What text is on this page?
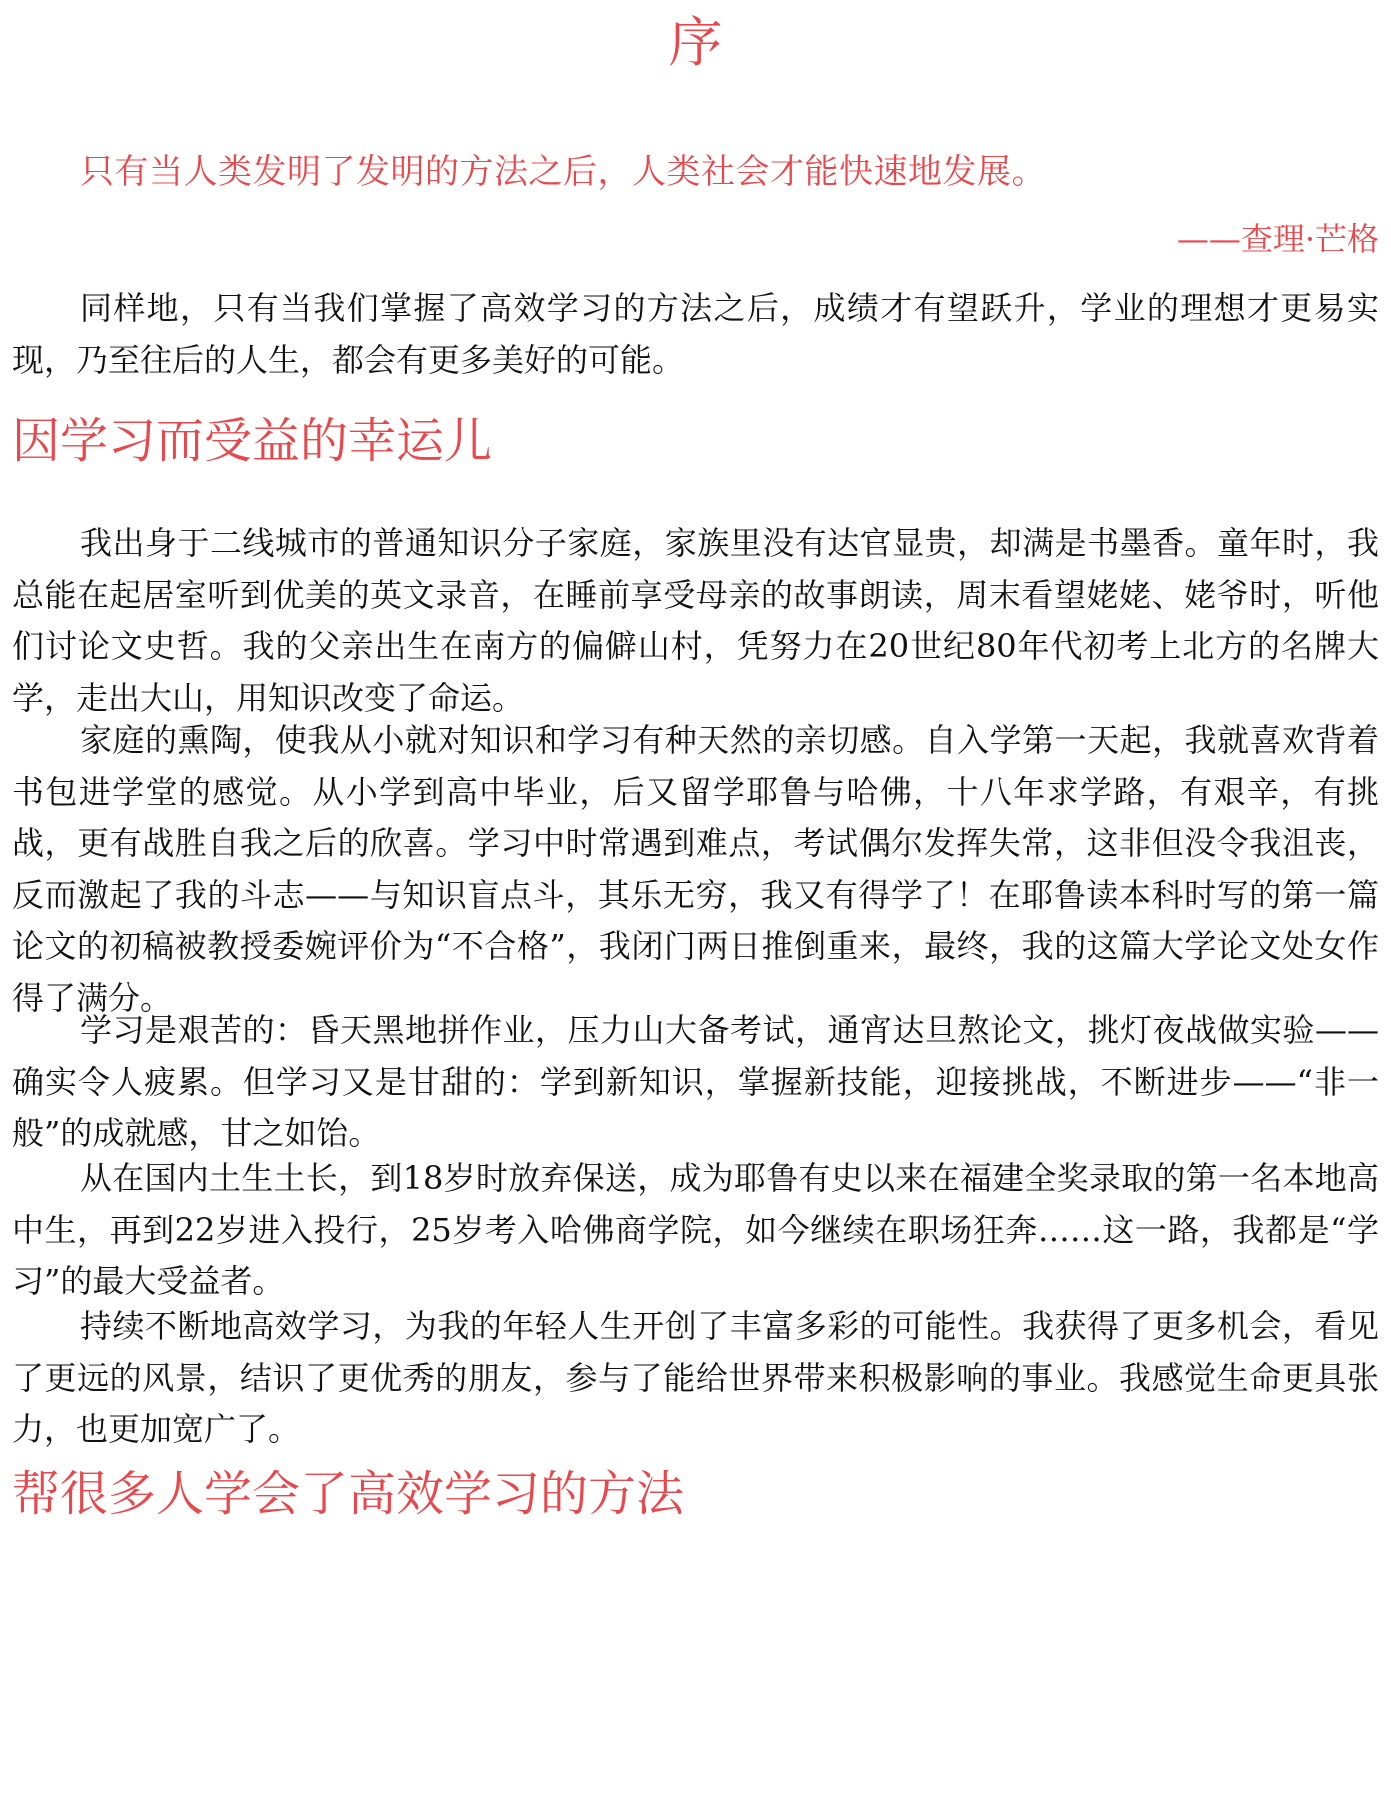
序

只有当人类发明了发明的方法之后，人类社会才能快速地发展。

——查理·芒格

同样地，只有当我们掌握了高效学习的方法之后，成绩才有望跃升，学业的理想才更易实现，乃至往后的人生，都会有更多美好的可能。

因学习而受益的幸运儿

我出身于二线城市的普通知识分子家庭，家族里没有达官显贵，却满是书墨香。童年时，我总能在起居室听到优美的英文录音，在睡前享受母亲的故事朗读，周末看望姥姥、姥爷时，听他们讨论文史哲。我的父亲出生在南方的偏僻山村，凭努力在20世纪80年代初考上北方的名牌大学，走出大山，用知识改变了命运。

家庭的熏陶，使我从小就对知识和学习有种天然的亲切感。自入学第一天起，我就喜欢背着书包进学堂的感觉。从小学到高中毕业，后又留学耶鲁与哈佛，十八年求学路，有艰辛，有挑战，更有战胜自我之后的欣喜。学习中时常遇到难点，考试偶尔发挥失常，这非但没令我沮丧，反而激起了我的斗志——与知识盲点斗，其乐无穷，我又有得学了！在耶鲁读本科时写的第一篇论文的初稿被教授委婉评价为“不合格”，我闭门两日推倒重来，最终，我的这篇大学论文处女作得了满分。

学习是艰苦的：昏天黑地拼作业，压力山大备考试，通宵达旦熬论文，挑灯夜战做实验——确实令人疲累。但学习又是甘甜的：学到新知识，掌握新技能，迎接挑战，不断进步——“非一般”的成就感，甘之如饴。

从在国内土生土长，到18岁时放弃保送，成为耶鲁有史以来在福建全奖录取的第一名本地高中生，再到22岁进入投行，25岁考入哈佛商学院，如今继续在职场狂奔……这一路，我都是“学习”的最大受益者。

持续不断地高效学习，为我的年轻人生开创了丰富多彩的可能性。我获得了更多机会，看见了更远的风景，结识了更优秀的朋友，参与了能给世界带来积极影响的事业。我感觉生命更具张力，也更加宽广了。

帮很多人学会了高效学习的方法
